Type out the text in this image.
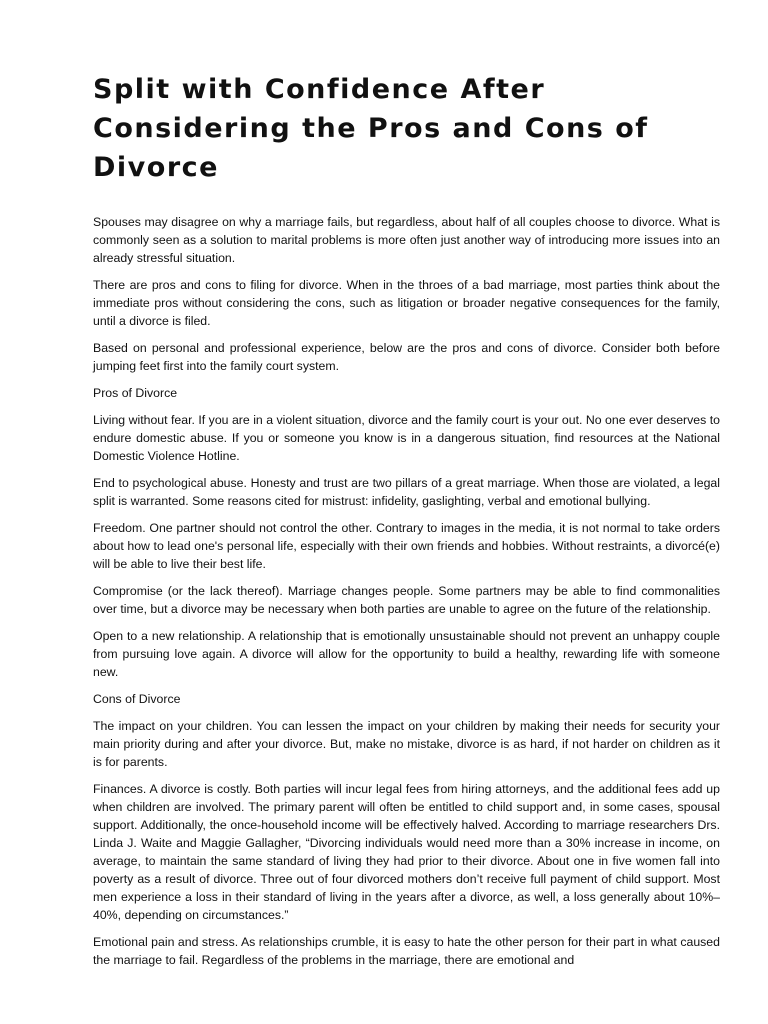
Split with Confidence After Considering the Pros and Cons of Divorce

Spouses may disagree on why a marriage fails, but regardless, about half of all couples choose to divorce. What is commonly seen as a solution to marital problems is more often just another way of introducing more issues into an already stressful situation.

There are pros and cons to filing for divorce. When in the throes of a bad marriage, most parties think about the immediate pros without considering the cons, such as litigation or broader negative consequences for the family, until a divorce is filed.

Based on personal and professional experience, below are the pros and cons of divorce. Consider both before jumping feet first into the family court system.

Pros of Divorce

Living without fear. If you are in a violent situation, divorce and the family court is your out. No one ever deserves to endure domestic abuse. If you or someone you know is in a dangerous situation, find resources at the National Domestic Violence Hotline.

End to psychological abuse. Honesty and trust are two pillars of a great marriage. When those are violated, a legal split is warranted. Some reasons cited for mistrust: infidelity, gaslighting, verbal and emotional bullying.

Freedom. One partner should not control the other. Contrary to images in the media, it is not normal to take orders about how to lead one's personal life, especially with their own friends and hobbies. Without restraints, a divorcé(e) will be able to live their best life.

Compromise (or the lack thereof). Marriage changes people. Some partners may be able to find commonalities over time, but a divorce may be necessary when both parties are unable to agree on the future of the relationship.

Open to a new relationship. A relationship that is emotionally unsustainable should not prevent an unhappy couple from pursuing love again. A divorce will allow for the opportunity to build a healthy, rewarding life with someone new.

Cons of Divorce

The impact on your children. You can lessen the impact on your children by making their needs for security your main priority during and after your divorce. But, make no mistake, divorce is as hard, if not harder on children as it is for parents.

Finances. A divorce is costly. Both parties will incur legal fees from hiring attorneys, and the additional fees add up when children are involved. The primary parent will often be entitled to child support and, in some cases, spousal support. Additionally, the once-household income will be effectively halved. According to marriage researchers Drs. Linda J. Waite and Maggie Gallagher, “Divorcing individuals would need more than a 30% increase in income, on average, to maintain the same standard of living they had prior to their divorce. About one in five women fall into poverty as a result of divorce. Three out of four divorced mothers don’t receive full payment of child support. Most men experience a loss in their standard of living in the years after a divorce, as well, a loss generally about 10%–40%, depending on circumstances.”

Emotional pain and stress. As relationships crumble, it is easy to hate the other person for their part in what caused the marriage to fail. Regardless of the problems in the marriage, there are emotional and
